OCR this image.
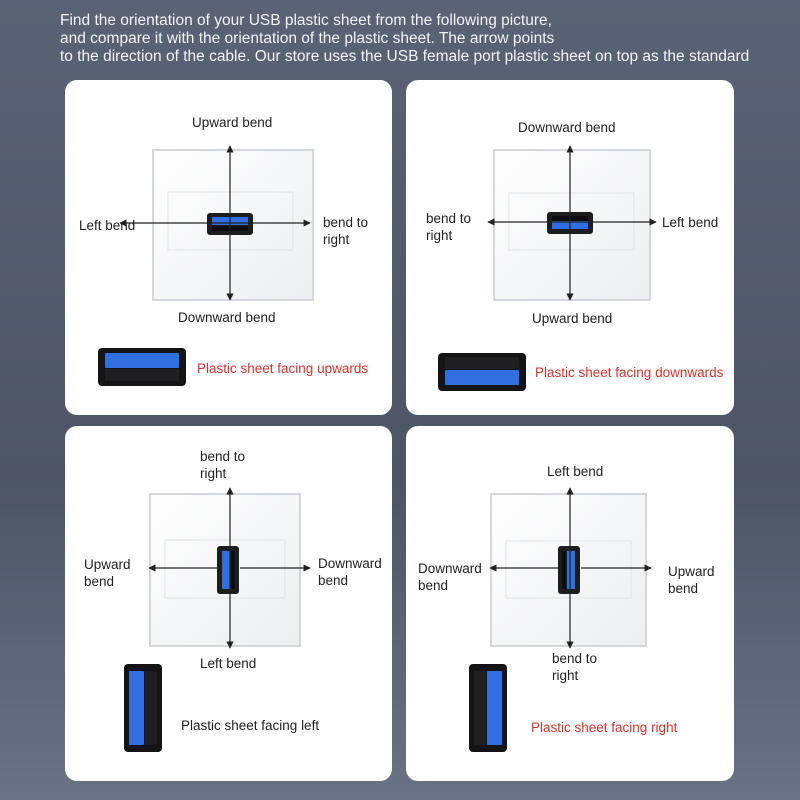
Find the orientation of your USB plastic sheet from the following picture,
and compare it with the orientation of the plastic sheet. The arrow points
to the direction of the cable. Our store uses the USB female port plastic sheet on top as the standard
Upward bend
Downward bend
Left bend	bend to
right
Plastic sheet facing upwards
Downward bend
Upward bend
bend to
right
Left bend
Plastic sheet facing downwards
bend to
right
Left bend
Upward
bend
Downward
bend
Plastic sheet facing left
Left bend
bend to
right
Downward
bend
Upward
bend
Plastic sheet facing right
